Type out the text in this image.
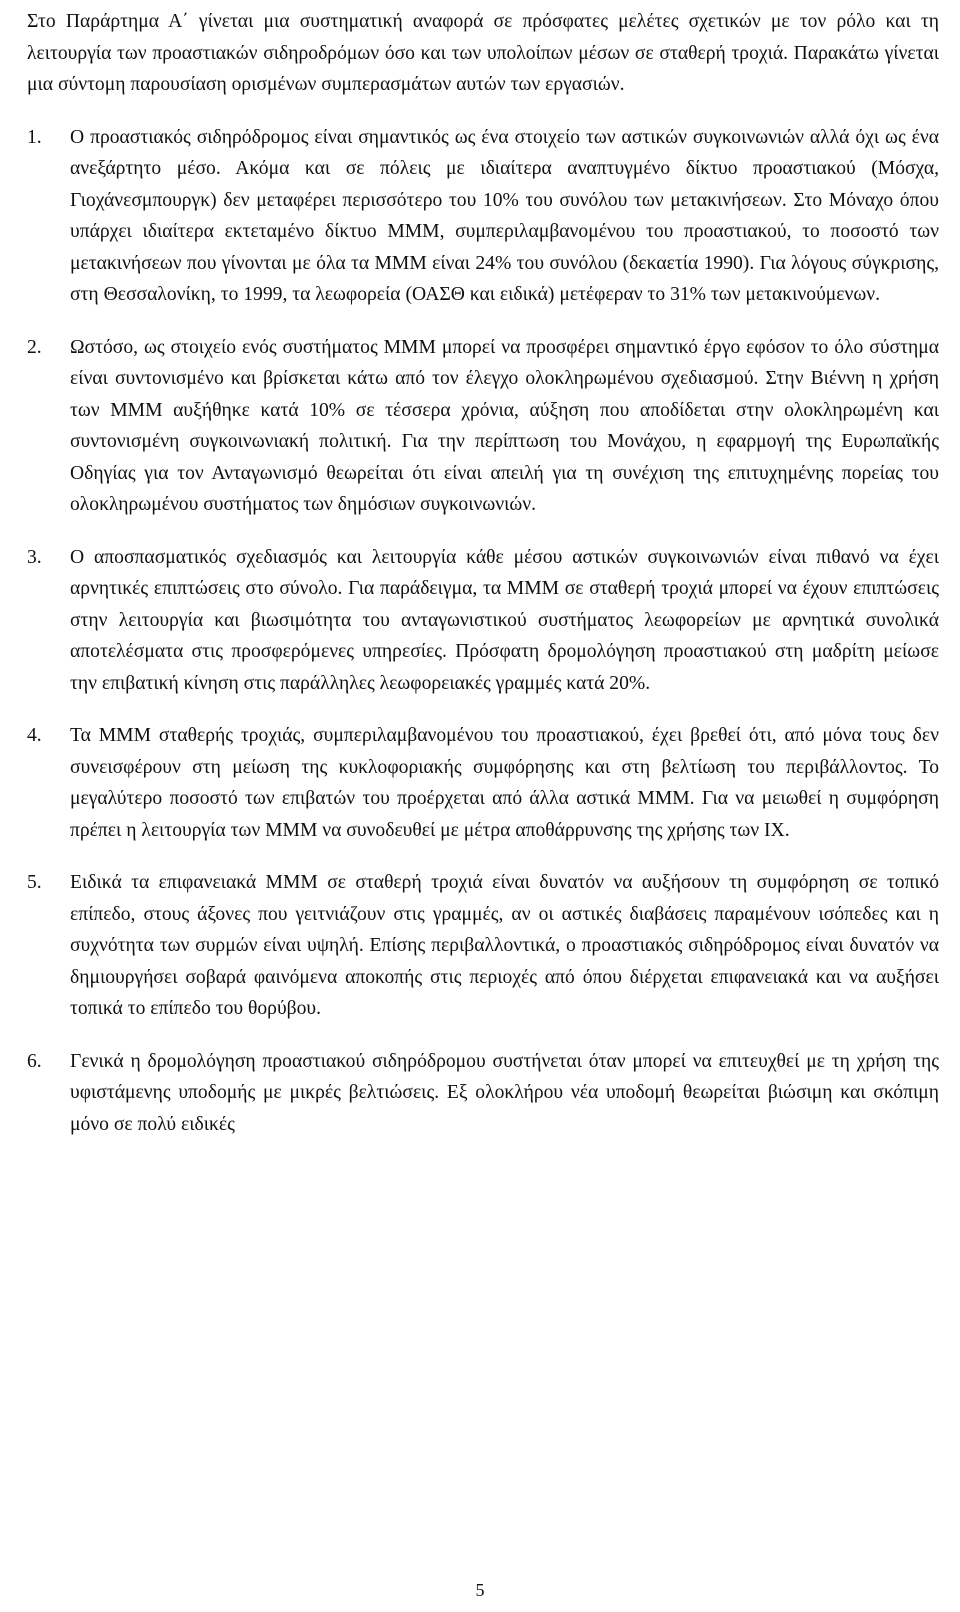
Στο Παράρτημα Α΄ γίνεται μια συστηματική αναφορά σε πρόσφατες μελέτες σχετικών με τον ρόλο και τη λειτουργία των προαστιακών σιδηροδρόμων όσο και των υπολοίπων μέσων σε σταθερή τροχιά. Παρακάτω γίνεται μια σύντομη παρουσίαση ορισμένων συμπερασμάτων αυτών των εργασιών.

1.	Ο προαστιακός σιδηρόδρομος είναι σημαντικός ως ένα στοιχείο των αστικών συγκοινωνιών αλλά όχι ως ένα ανεξάρτητο μέσο. Ακόμα και σε πόλεις με ιδιαίτερα αναπτυγμένο δίκτυο προαστιακού (Μόσχα, Γιοχάνεσμπουργκ) δεν μεταφέρει περισσότερο του 10% του συνόλου των μετακινήσεων. Στο Μόναχο όπου υπάρχει ιδιαίτερα εκτεταμένο δίκτυο ΜΜΜ, συμπεριλαμβανομένου του προαστιακού, το ποσοστό των μετακινήσεων που γίνονται με όλα τα ΜΜΜ είναι 24% του συνόλου (δεκαετία 1990). Για λόγους σύγκρισης, στη Θεσσαλονίκη, το 1999, τα λεωφορεία (ΟΑΣΘ και ειδικά) μετέφεραν το 31% των μετακινούμενων.

2.	Ωστόσο, ως στοιχείο ενός συστήματος ΜΜΜ μπορεί να προσφέρει σημαντικό έργο εφόσον το όλο σύστημα είναι συντονισμένο και βρίσκεται κάτω από τον έλεγχο ολοκληρωμένου σχεδιασμού. Στην Βιέννη η χρήση των ΜΜΜ αυξήθηκε κατά 10% σε τέσσερα χρόνια, αύξηση που αποδίδεται στην ολοκληρωμένη και συντονισμένη συγκοινωνιακή πολιτική. Για την περίπτωση του Μονάχου, η εφαρμογή της Ευρωπαϊκής Οδηγίας για τον Ανταγωνισμό θεωρείται ότι είναι απειλή για τη συνέχιση της επιτυχημένης πορείας του ολοκληρωμένου συστήματος των δημόσιων συγκοινωνιών.

3.	Ο αποσπασματικός σχεδιασμός και λειτουργία κάθε μέσου αστικών συγκοινωνιών είναι πιθανό να έχει αρνητικές επιπτώσεις στο σύνολο. Για παράδειγμα, τα ΜΜΜ σε σταθερή τροχιά μπορεί να έχουν επιπτώσεις στην λειτουργία και βιωσιμότητα του ανταγωνιστικού συστήματος λεωφορείων με αρνητικά συνολικά αποτελέσματα στις προσφερόμενες υπηρεσίες. Πρόσφατη δρομολόγηση προαστιακού στη μαδρίτη μείωσε την επιβατική κίνηση στις παράλληλες λεωφορειακές γραμμές κατά 20%.

4.	Τα ΜΜΜ σταθερής τροχιάς, συμπεριλαμβανομένου του προαστιακού, έχει βρεθεί ότι, από μόνα τους δεν συνεισφέρουν στη μείωση της κυκλοφοριακής συμφόρησης και στη βελτίωση του περιβάλλοντος. Το μεγαλύτερο ποσοστό των επιβατών του προέρχεται από άλλα αστικά ΜΜΜ. Για να μειωθεί η συμφόρηση πρέπει η λειτουργία των ΜΜΜ να συνοδευθεί με μέτρα αποθάρρυνσης της χρήσης των ΙΧ.

5.	Ειδικά τα επιφανειακά ΜΜΜ σε σταθερή τροχιά είναι δυνατόν να αυξήσουν τη συμφόρηση σε τοπικό επίπεδο, στους άξονες που γειτνιάζουν στις γραμμές, αν οι αστικές διαβάσεις παραμένουν ισόπεδες και η συχνότητα των συρμών είναι υψηλή. Επίσης περιβαλλοντικά, ο προαστιακός σιδηρόδρομος είναι δυνατόν να δημιουργήσει σοβαρά φαινόμενα αποκοπής στις περιοχές από όπου διέρχεται επιφανειακά και να αυξήσει τοπικά το επίπεδο του θορύβου.

6.	Γενικά η δρομολόγηση προαστιακού σιδηρόδρομου συστήνεται όταν μπορεί να επιτευχθεί με τη χρήση της υφιστάμενης υποδομής με μικρές βελτιώσεις. Εξ ολοκλήρου νέα υποδομή θεωρείται βιώσιμη και σκόπιμη μόνο σε πολύ ειδικές

5
